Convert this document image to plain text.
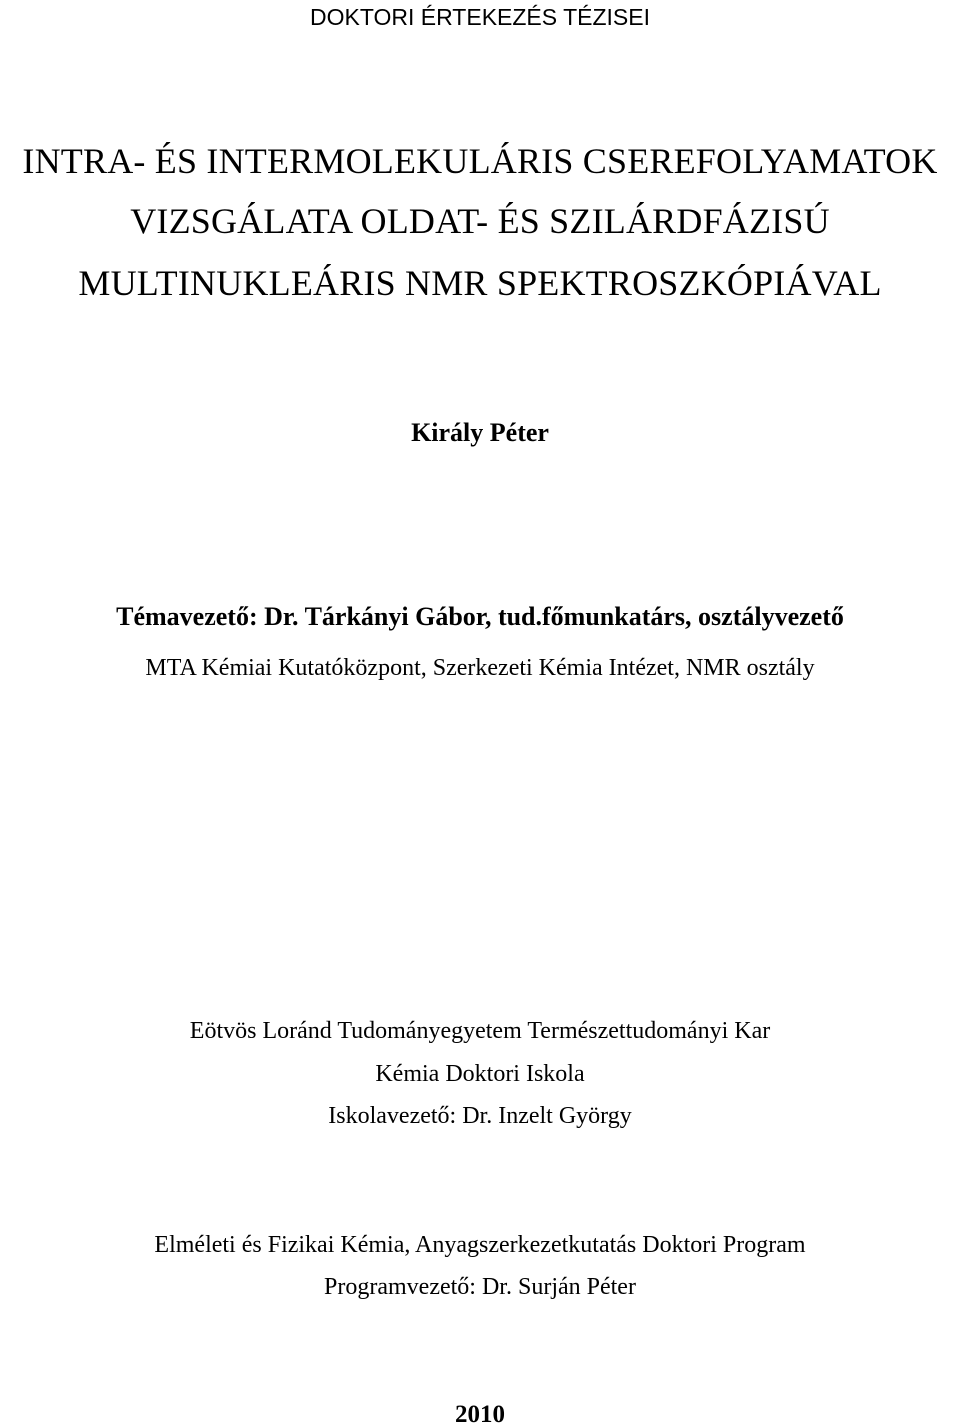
DOKTORI ÉRTEKEZÉS TÉZISEI
INTRA- ÉS INTERMOLEKULÁRIS CSEREFOLYAMATOK
VIZSGÁLATA OLDAT- ÉS SZILÁRDFÁZISÚ
MULTINUKLEÁRIS NMR SPEKTROSZKÓPIÁVAL
Király Péter
Témavezető: Dr. Tárkányi Gábor, tud.főmunkatárs, osztályvezető
MTA Kémiai Kutatóközpont, Szerkezeti Kémia Intézet, NMR osztály
Eötvös Loránd Tudományegyetem Természettudományi Kar
Kémia Doktori Iskola
Iskolavezető: Dr. Inzelt György
Elméleti és Fizikai Kémia, Anyagszerkezetkutatás Doktori Program
Programvezető: Dr. Surján Péter
2010
